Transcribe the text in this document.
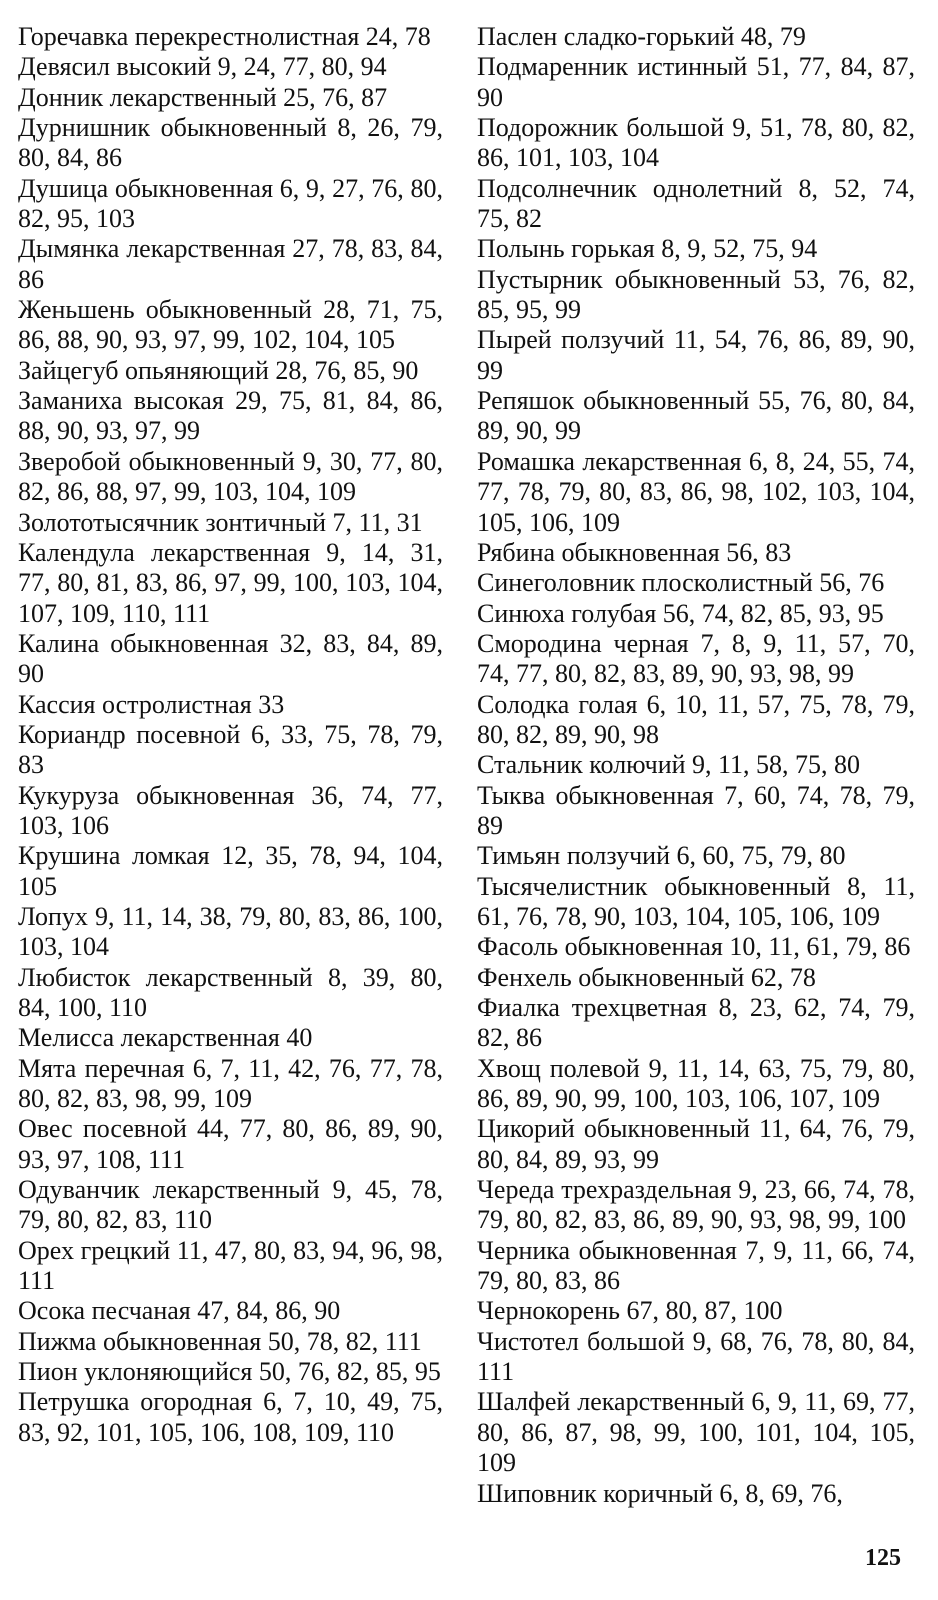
Горечавка перекрестнолистная 24, 78

Девясил высокий 9, 24, 77, 80, 94

Донник лекарственный 25, 76, 87

Дурнишник обыкновенный 8, 26, 79, 80, 84, 86

Душица обыкновенная 6, 9, 27, 76, 80, 82, 95, 103

Дымянка лекарственная 27, 78, 83, 84, 86

Женьшень обыкновенный 28, 71, 75, 86, 88, 90, 93, 97, 99, 102, 104, 105

Зайцегуб опьяняющий 28, 76, 85, 90

Заманиха высокая 29, 75, 81, 84, 86, 88, 90, 93, 97, 99

Зверобой обыкновенный 9, 30, 77, 80, 82, 86, 88, 97, 99, 103, 104, 109

Золототысячник зонтичный 7, 11, 31

Календула лекарственная 9, 14, 31, 77, 80, 81, 83, 86, 97, 99, 100, 103, 104, 107, 109, 110, 111

Калина обыкновенная 32, 83, 84, 89, 90

Кассия остролистная 33

Кориандр посевной 6, 33, 75, 78, 79, 83

Кукуруза обыкновенная 36, 74, 77, 103, 106

Крушина ломкая 12, 35, 78, 94, 104, 105

Лопух 9, 11, 14, 38, 79, 80, 83, 86, 100, 103, 104

Любисток лекарственный 8, 39, 80, 84, 100, 110

Мелисса лекарственная 40

Мята перечная 6, 7, 11, 42, 76, 77, 78, 80, 82, 83, 98, 99, 109

Овес посевной 44, 77, 80, 86, 89, 90, 93, 97, 108, 111

Одуванчик лекарственный 9, 45, 78, 79, 80, 82, 83, 110

Орех грецкий 11, 47, 80, 83, 94, 96, 98, 111

Осока песчаная 47, 84, 86, 90

Пижма обыкновенная 50, 78, 82, 111

Пион уклоняющийся 50, 76, 82, 85, 95

Петрушка огородная 6, 7, 10, 49, 75, 83, 92, 101, 105, 106, 108, 109, 110

Паслен сладко-горький 48, 79

Подмаренник истинный 51, 77, 84, 87, 90

Подорожник большой 9, 51, 78, 80, 82, 86, 101, 103, 104

Подсолнечник однолетний 8, 52, 74, 75, 82

Полынь горькая 8, 9, 52, 75, 94

Пустырник обыкновенный 53, 76, 82, 85, 95, 99

Пырей ползучий 11, 54, 76, 86, 89, 90, 99

Репяшок обыкновенный 55, 76, 80, 84, 89, 90, 99

Ромашка лекарственная 6, 8, 24, 55, 74, 77, 78, 79, 80, 83, 86, 98, 102, 103, 104, 105, 106, 109

Рябина обыкновенная 56, 83

Синеголовник плосколистный 56, 76

Синюха голубая 56, 74, 82, 85, 93, 95

Смородина черная 7, 8, 9, 11, 57, 70, 74, 77, 80, 82, 83, 89, 90, 93, 98, 99

Солодка голая 6, 10, 11, 57, 75, 78, 79, 80, 82, 89, 90, 98

Стальник колючий 9, 11, 58, 75, 80

Тыква обыкновенная 7, 60, 74, 78, 79, 89

Тимьян ползучий 6, 60, 75, 79, 80

Тысячелистник обыкновенный 8, 11, 61, 76, 78, 90, 103, 104, 105, 106, 109

Фасоль обыкновенная 10, 11, 61, 79, 86

Фенхель обыкновенный 62, 78

Фиалка трехцветная 8, 23, 62, 74, 79, 82, 86

Хвощ полевой 9, 11, 14, 63, 75, 79, 80, 86, 89, 90, 99, 100, 103, 106, 107, 109

Цикорий обыкновенный 11, 64, 76, 79, 80, 84, 89, 93, 99

Череда трехраздельная 9, 23, 66, 74, 78, 79, 80, 82, 83, 86, 89, 90, 93, 98, 99, 100

Черника обыкновенная 7, 9, 11, 66, 74, 79, 80, 83, 86

Чернокорень 67, 80, 87, 100

Чистотел большой 9, 68, 76, 78, 80, 84, 111

Шалфей лекарственный 6, 9, 11, 69, 77, 80, 86, 87, 98, 99, 100, 101, 104, 105, 109

Шиповник коричный 6, 8, 69, 76,

125
